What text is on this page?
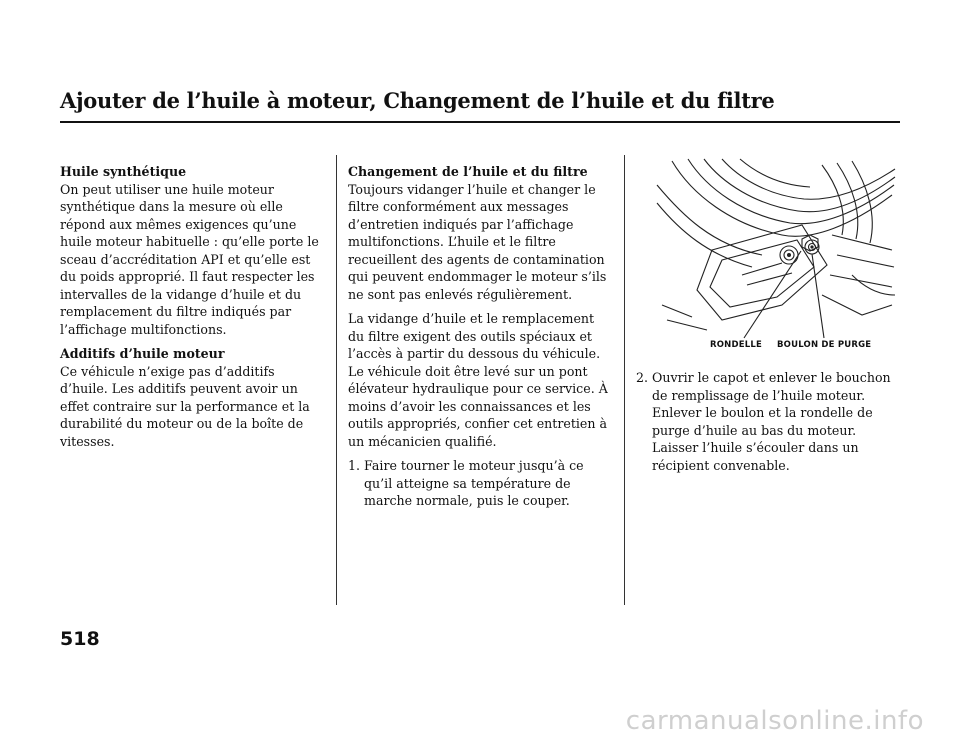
Ajouter de l’huile à moteur, Changement de l’huile et du filtre
Huile synthétique

On peut utiliser une huile moteur synthétique dans la mesure où elle répond aux mêmes exigences qu’une huile moteur habituelle : qu’elle porte le sceau d’accréditation API et qu’elle est du poids approprié. Il faut respecter les intervalles de la vidange d’huile et du remplacement du filtre indiqués par l’affichage multifonctions.

Additifs d’huile moteur

Ce véhicule n’exige pas d’additifs d’huile. Les additifs peuvent avoir un effet contraire sur la performance et la durabilité du moteur ou de la boîte de vitesses.

Changement de l’huile et du filtre

Toujours vidanger l’huile et changer le filtre conformément aux messages d’entretien indiqués par l’affichage multifonctions. L’huile et le filtre recueillent des agents de contamination qui peuvent endommager le moteur s’ils ne sont pas enlevés régulièrement.

La vidange d’huile et le remplacement du filtre exigent des outils spéciaux et l’accès à partir du dessous du véhicule. Le véhicule doit être levé sur un pont élévateur hydraulique pour ce service. À moins d’avoir les connaissances et les outils appropriés, confier cet entretien à un mécanicien qualifié.

1. Faire tourner le moteur jusqu’à ce qu’il atteigne sa température de marche normale, puis le couper.

RONDELLE BOULON DE PURGE

2. Ouvrir le capot et enlever le bouchon de remplissage de l’huile moteur. Enlever le boulon et la rondelle de purge d’huile au bas du moteur. Laisser l’huile s’écouler dans un récipient convenable.

518
carmanualsonline.info
